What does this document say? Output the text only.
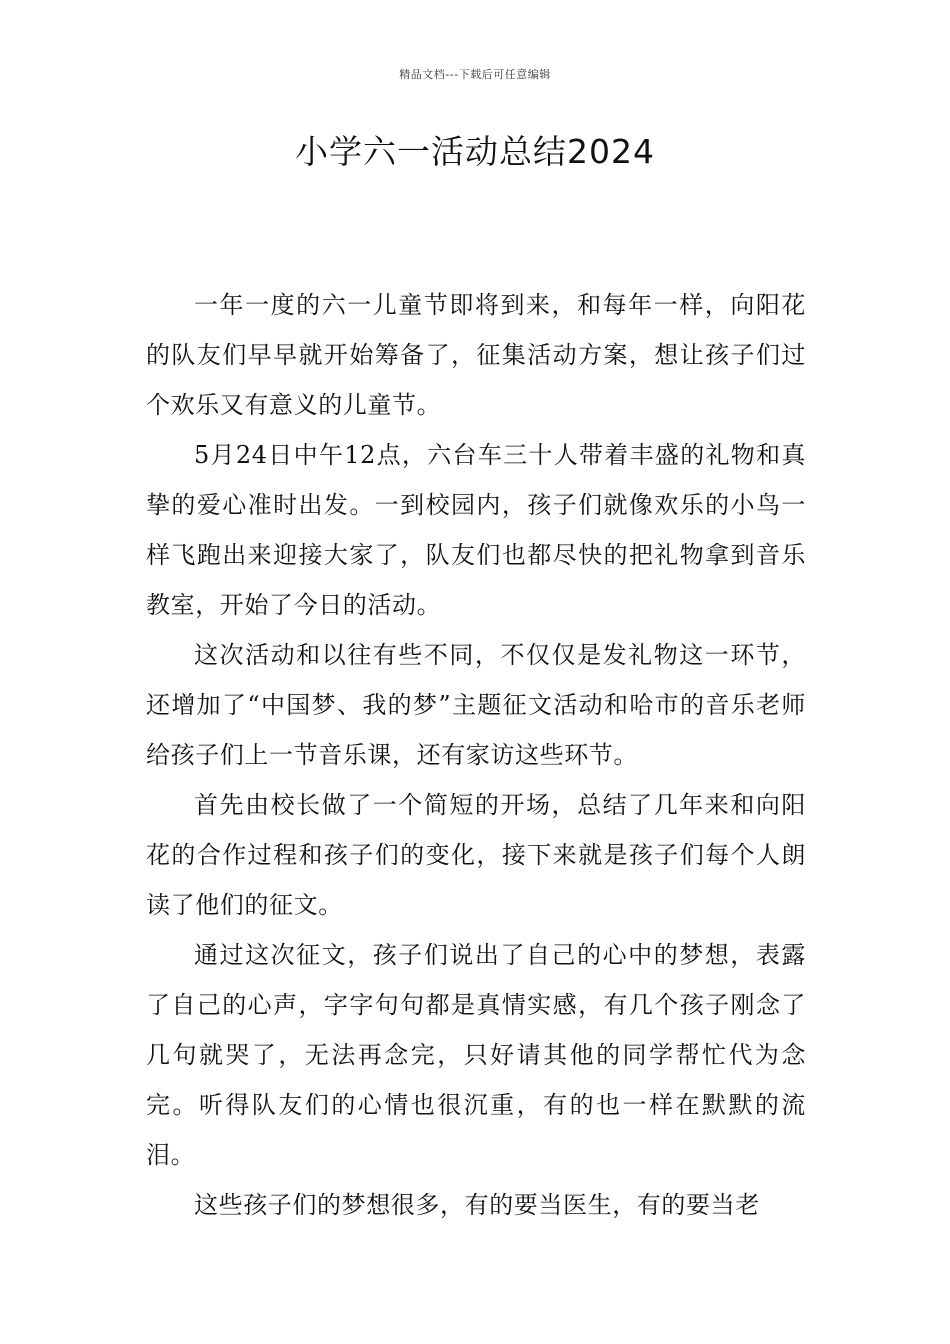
精品文档---下载后可任意编辑
小学六一活动总结2024

一年一度的六一儿童节即将到来，和每年一样，向阳花的队友们早早就开始筹备了，征集活动方案，想让孩子们过个欢乐又有意义的儿童节。

5月24日中午12点，六台车三十人带着丰盛的礼物和真挚的爱心准时出发。一到校园内，孩子们就像欢乐的小鸟一样飞跑出来迎接大家了，队友们也都尽快的把礼物拿到音乐教室，开始了今日的活动。

这次活动和以往有些不同，不仅仅是发礼物这一环节，还增加了“中国梦、我的梦”主题征文活动和哈市的音乐老师给孩子们上一节音乐课，还有家访这些环节。

首先由校长做了一个简短的开场，总结了几年来和向阳花的合作过程和孩子们的变化，接下来就是孩子们每个人朗读了他们的征文。

通过这次征文，孩子们说出了自己的心中的梦想，表露了自己的心声，字字句句都是真情实感，有几个孩子刚念了几句就哭了，无法再念完，只好请其他的同学帮忙代为念完。听得队友们的心情也很沉重，有的也一样在默默的流泪。

这些孩子们的梦想很多，有的要当医生，有的要当老
